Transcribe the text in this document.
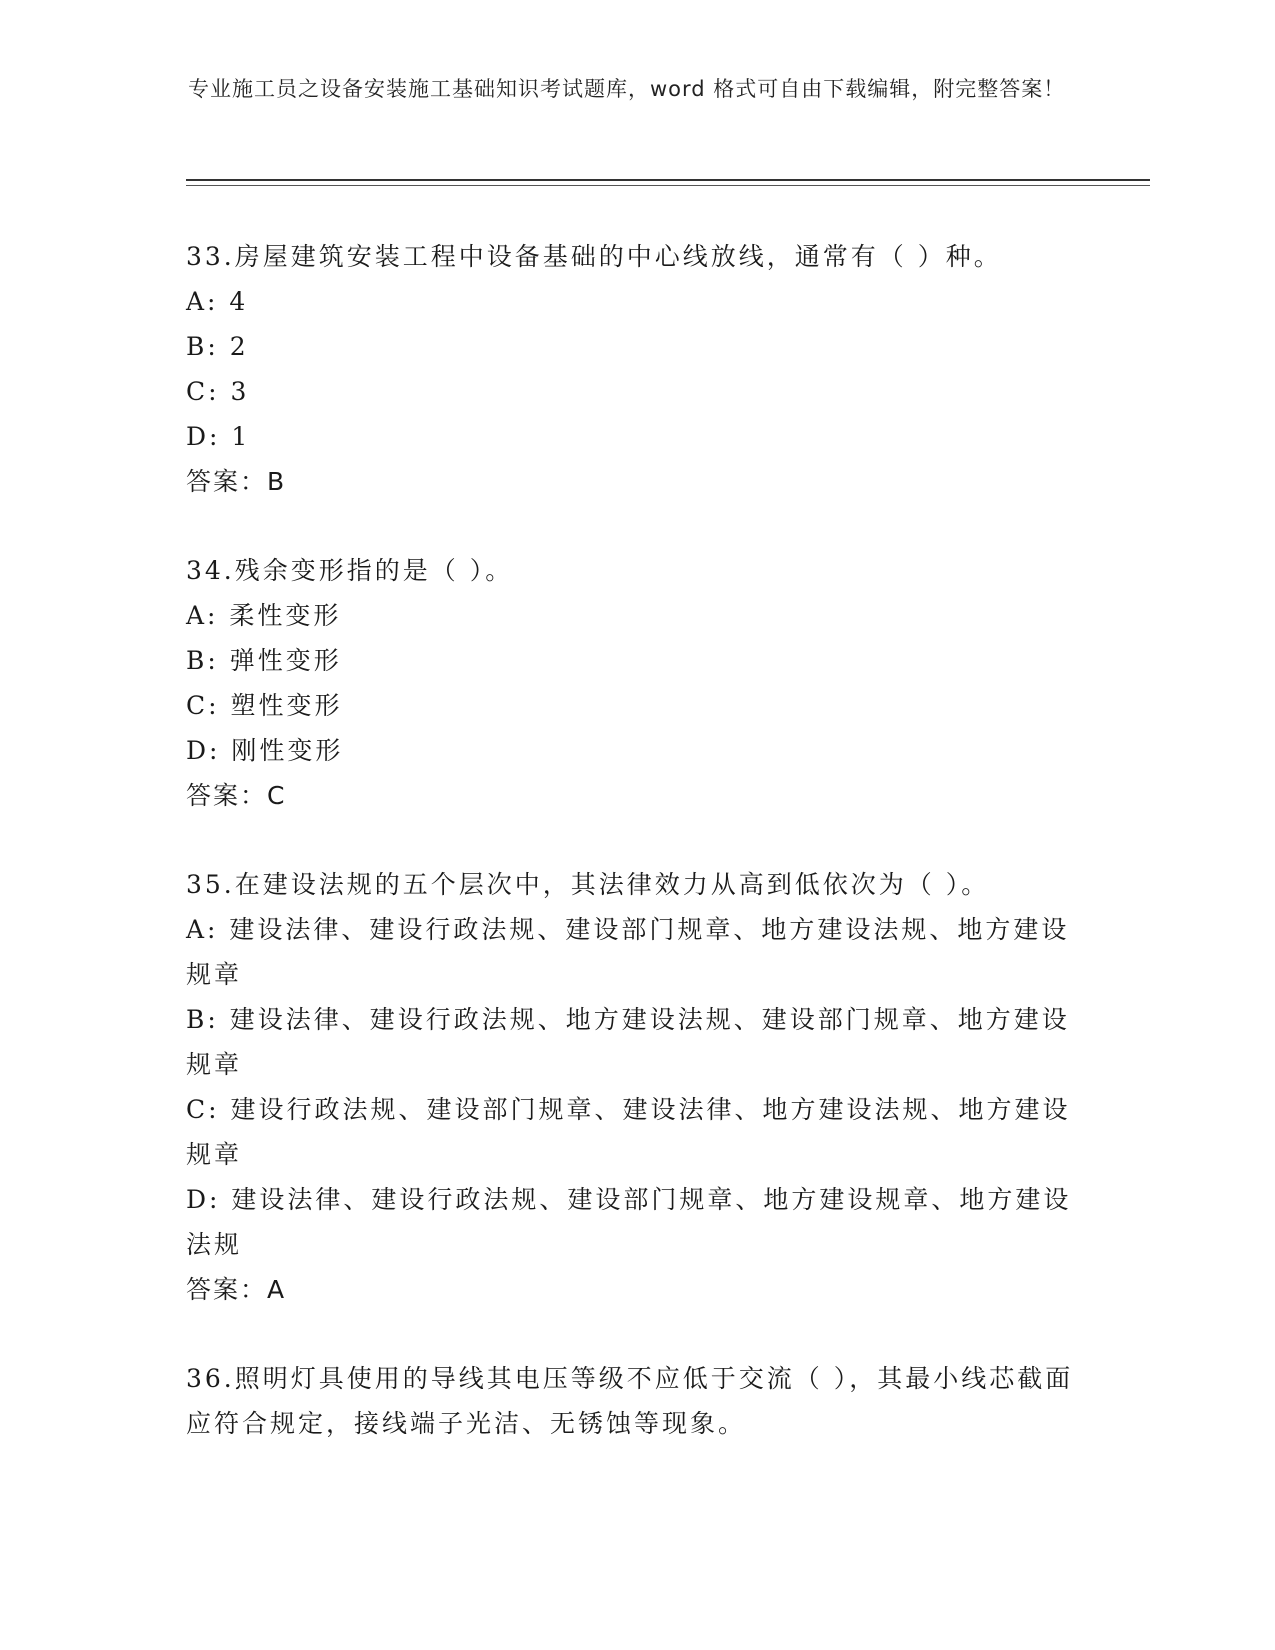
专业施工员之设备安装施工基础知识考试题库，word 格式可自由下载编辑，附完整答案！
33.房屋建筑安装工程中设备基础的中心线放线，通常有（ ）种。
A: 4
B: 2
C: 3
D: 1
答案：B
34.残余变形指的是（ ）。
A: 柔性变形
B: 弹性变形
C: 塑性变形
D: 刚性变形
答案：C
35.在建设法规的五个层次中，其法律效力从高到低依次为（ ）。
A: 建设法律、建设行政法规、建设部门规章、地方建设法规、地方建设规章
B: 建设法律、建设行政法规、地方建设法规、建设部门规章、地方建设规章
C: 建设行政法规、建设部门规章、建设法律、地方建设法规、地方建设规章
D: 建设法律、建设行政法规、建设部门规章、地方建设规章、地方建设法规
答案：A
36.照明灯具使用的导线其电压等级不应低于交流（ ），其最小线芯截面应符合规定，接线端子光洁、无锈蚀等现象。
